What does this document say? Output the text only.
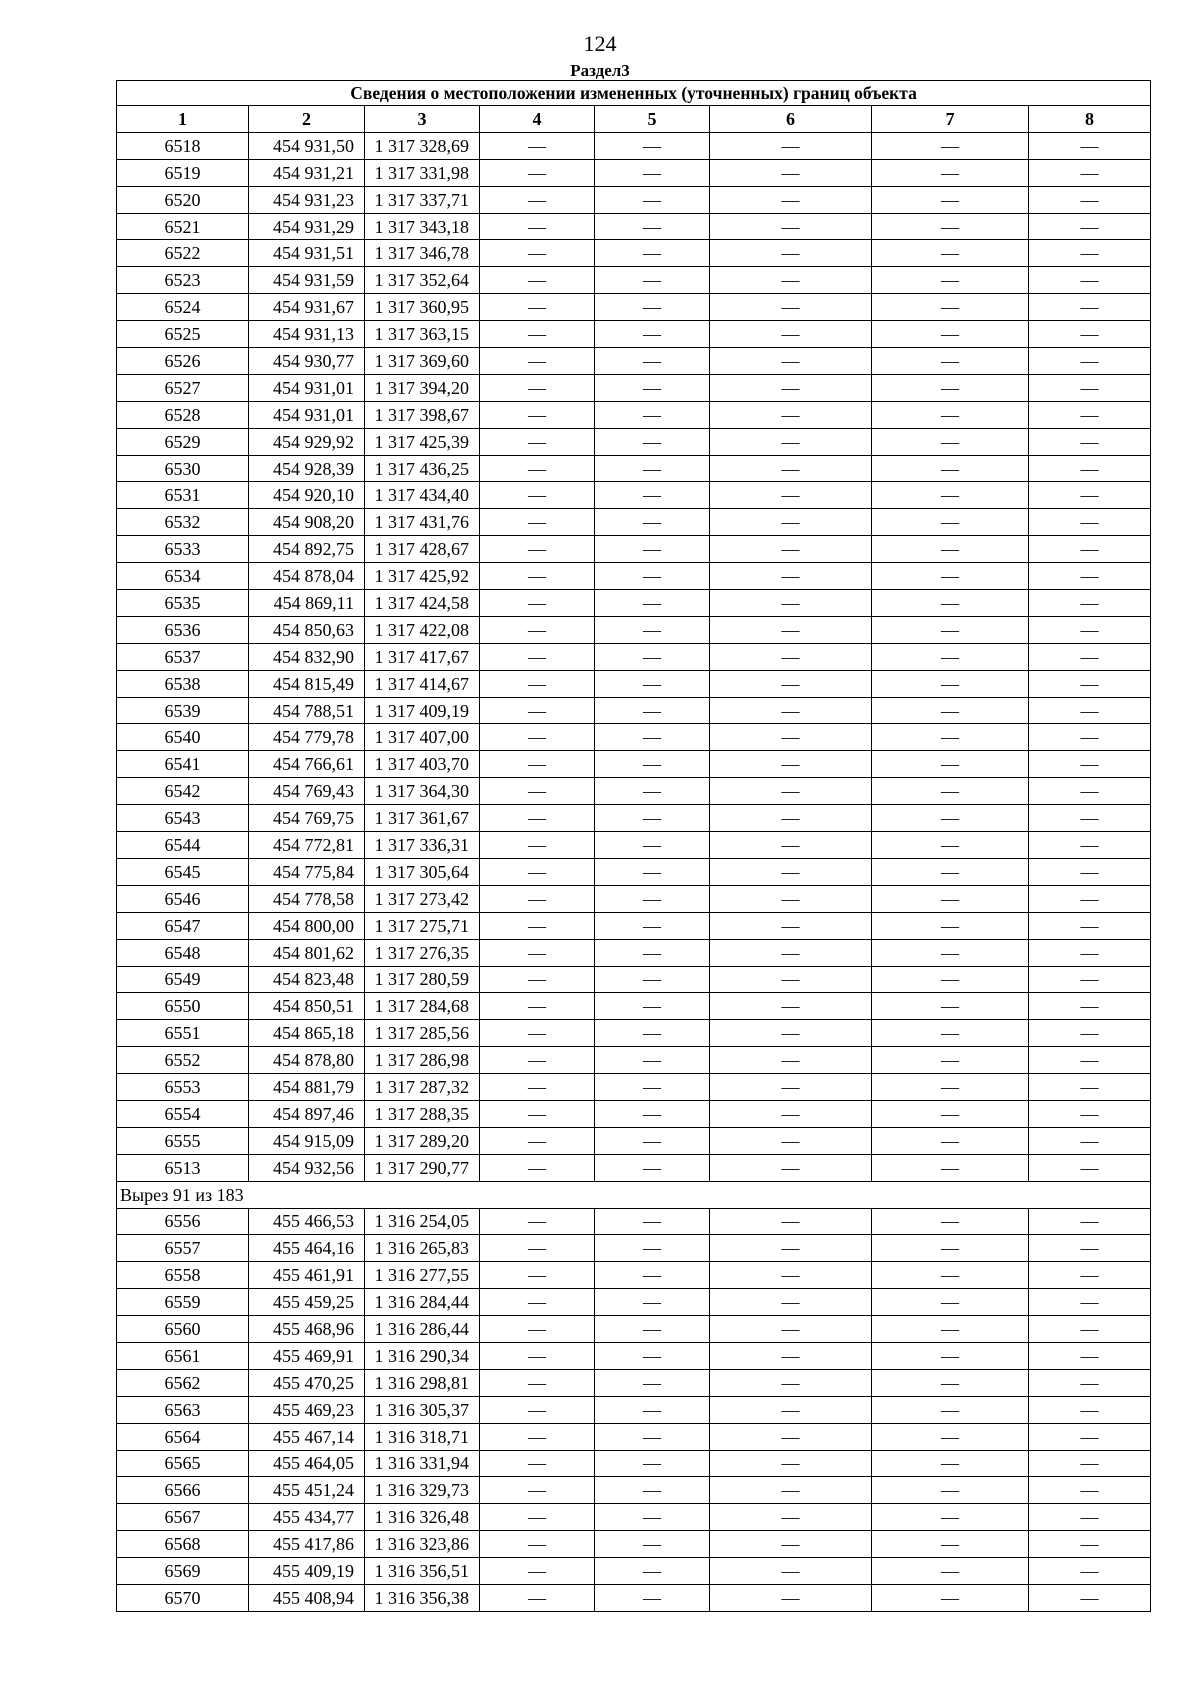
124
Раздел3
Сведения о местоположении измененных (уточненных) границ объекта							
1	2	3	4	5	6	7	8
6518	454 931,50	1 317 328,69	—	—	—	—	—
6519	454 931,21	1 317 331,98	—	—	—	—	—
6520	454 931,23	1 317 337,71	—	—	—	—	—
6521	454 931,29	1 317 343,18	—	—	—	—	—
6522	454 931,51	1 317 346,78	—	—	—	—	—
6523	454 931,59	1 317 352,64	—	—	—	—	—
6524	454 931,67	1 317 360,95	—	—	—	—	—
6525	454 931,13	1 317 363,15	—	—	—	—	—
6526	454 930,77	1 317 369,60	—	—	—	—	—
6527	454 931,01	1 317 394,20	—	—	—	—	—
6528	454 931,01	1 317 398,67	—	—	—	—	—
6529	454 929,92	1 317 425,39	—	—	—	—	—
6530	454 928,39	1 317 436,25	—	—	—	—	—
6531	454 920,10	1 317 434,40	—	—	—	—	—
6532	454 908,20	1 317 431,76	—	—	—	—	—
6533	454 892,75	1 317 428,67	—	—	—	—	—
6534	454 878,04	1 317 425,92	—	—	—	—	—
6535	454 869,11	1 317 424,58	—	—	—	—	—
6536	454 850,63	1 317 422,08	—	—	—	—	—
6537	454 832,90	1 317 417,67	—	—	—	—	—
6538	454 815,49	1 317 414,67	—	—	—	—	—
6539	454 788,51	1 317 409,19	—	—	—	—	—
6540	454 779,78	1 317 407,00	—	—	—	—	—
6541	454 766,61	1 317 403,70	—	—	—	—	—
6542	454 769,43	1 317 364,30	—	—	—	—	—
6543	454 769,75	1 317 361,67	—	—	—	—	—
6544	454 772,81	1 317 336,31	—	—	—	—	—
6545	454 775,84	1 317 305,64	—	—	—	—	—
6546	454 778,58	1 317 273,42	—	—	—	—	—
6547	454 800,00	1 317 275,71	—	—	—	—	—
6548	454 801,62	1 317 276,35	—	—	—	—	—
6549	454 823,48	1 317 280,59	—	—	—	—	—
6550	454 850,51	1 317 284,68	—	—	—	—	—
6551	454 865,18	1 317 285,56	—	—	—	—	—
6552	454 878,80	1 317 286,98	—	—	—	—	—
6553	454 881,79	1 317 287,32	—	—	—	—	—
6554	454 897,46	1 317 288,35	—	—	—	—	—
6555	454 915,09	1 317 289,20	—	—	—	—	—
6513	454 932,56	1 317 290,77	—	—	—	—	—
Вырез 91 из 183							
6556	455 466,53	1 316 254,05	—	—	—	—	—
6557	455 464,16	1 316 265,83	—	—	—	—	—
6558	455 461,91	1 316 277,55	—	—	—	—	—
6559	455 459,25	1 316 284,44	—	—	—	—	—
6560	455 468,96	1 316 286,44	—	—	—	—	—
6561	455 469,91	1 316 290,34	—	—	—	—	—
6562	455 470,25	1 316 298,81	—	—	—	—	—
6563	455 469,23	1 316 305,37	—	—	—	—	—
6564	455 467,14	1 316 318,71	—	—	—	—	—
6565	455 464,05	1 316 331,94	—	—	—	—	—
6566	455 451,24	1 316 329,73	—	—	—	—	—
6567	455 434,77	1 316 326,48	—	—	—	—	—
6568	455 417,86	1 316 323,86	—	—	—	—	—
6569	455 409,19	1 316 356,51	—	—	—	—	—
6570	455 408,94	1 316 356,38	—	—	—	—	—
